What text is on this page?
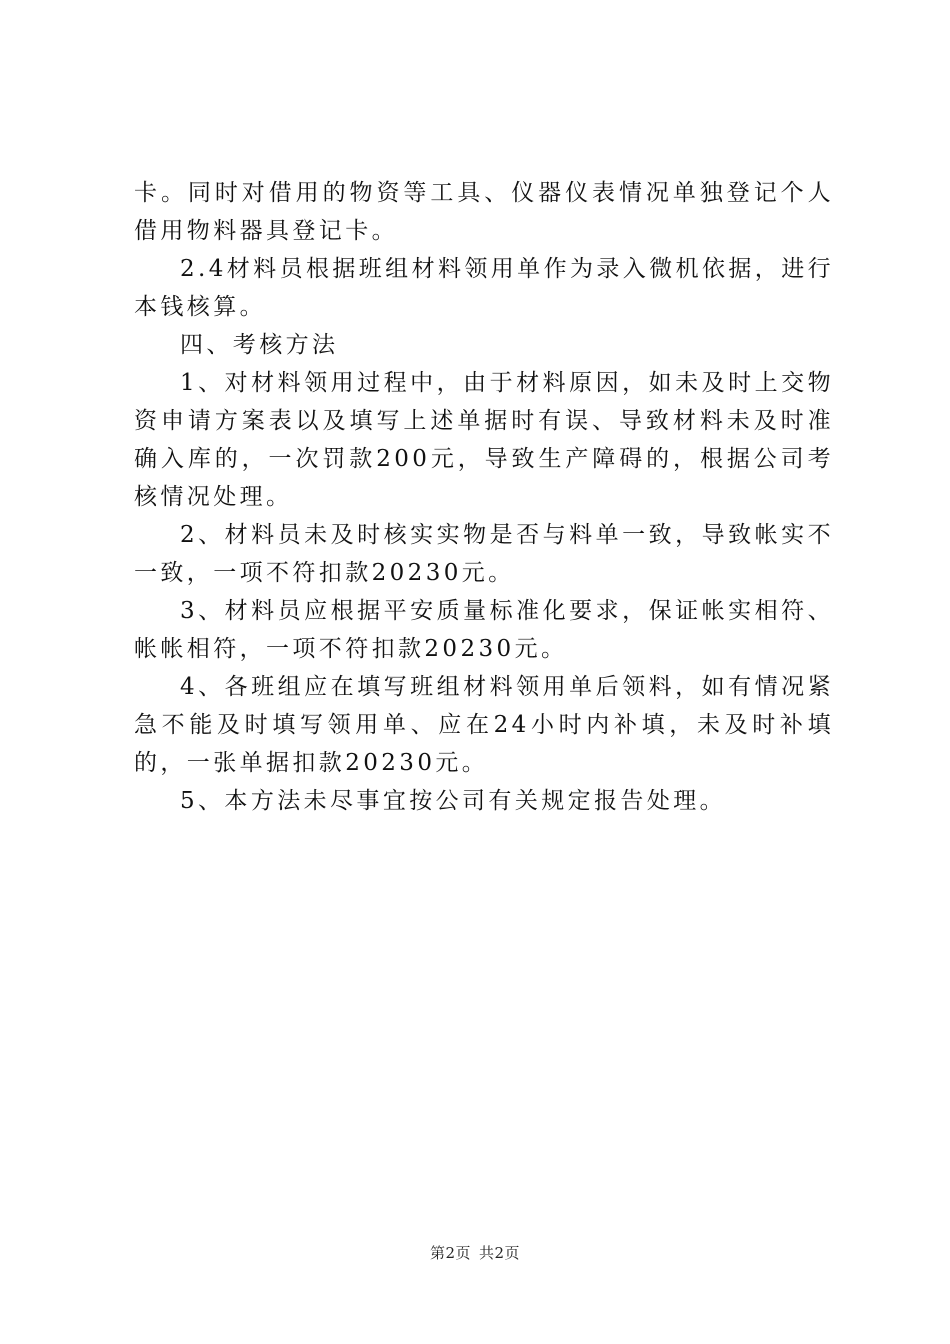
卡。同时对借用的物资等工具、仪器仪表情况单独登记个人借用物料器具登记卡。

2.4材料员根据班组材料领用单作为录入微机依据，进行本钱核算。

四、考核方法

1、对材料领用过程中，由于材料原因，如未及时上交物资申请方案表以及填写上述单据时有误、导致材料未及时准确入库的，一次罚款200元，导致生产障碍的，根据公司考核情况处理。

2、材料员未及时核实实物是否与料单一致，导致帐实不一致，一项不符扣款20230元。

3、材料员应根据平安质量标准化要求，保证帐实相符、帐帐相符，一项不符扣款20230元。

4、各班组应在填写班组材料领用单后领料，如有情况紧急不能及时填写领用单、应在24小时内补填，未及时补填的，一张单据扣款20230元。

5、本方法未尽事宜按公司有关规定报告处理。

第2页 共2页
